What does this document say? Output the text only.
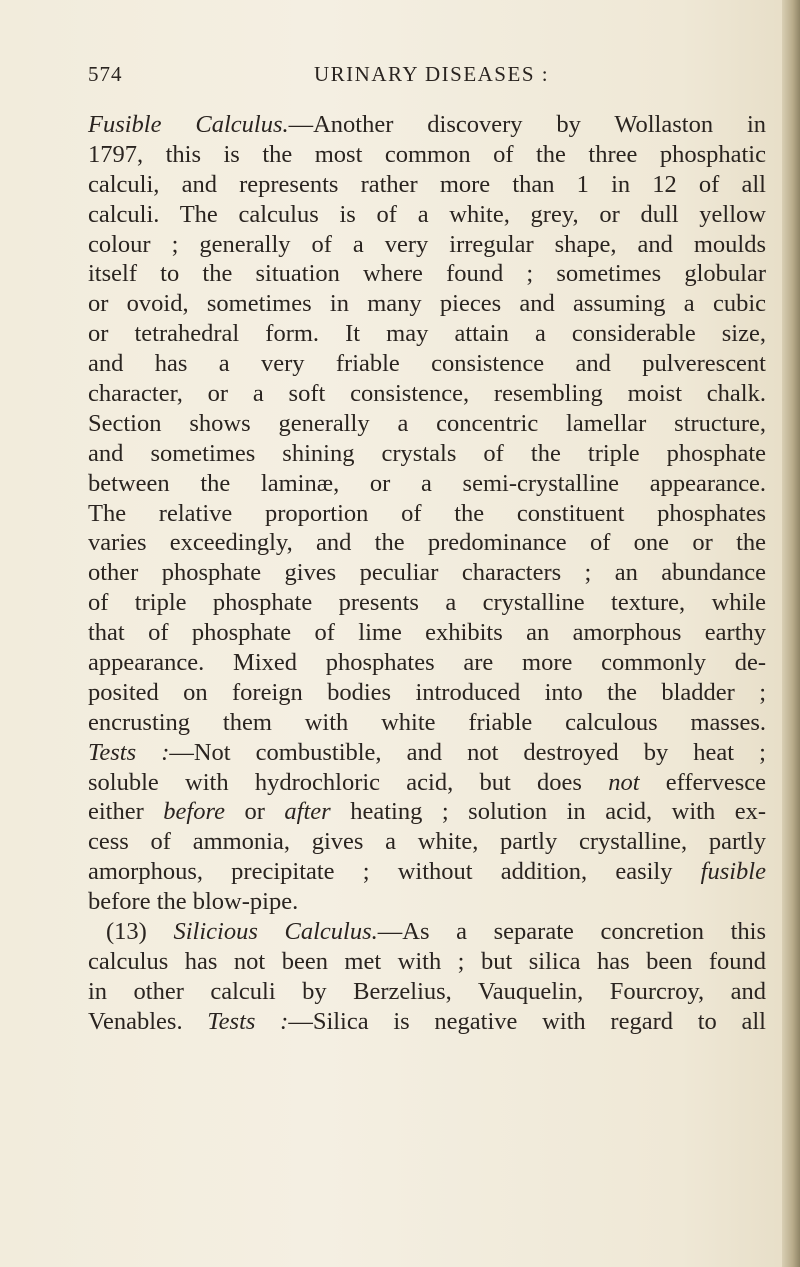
574	URINARY DISEASES :
Fusible Calculus.—Another discovery by Wollaston in
1797, this is the most common of the three phosphatic
calculi, and represents rather more than 1 in 12 of all
calculi. The calculus is of a white, grey, or dull yellow
colour ; generally of a very irregular shape, and moulds
itself to the situation where found ; sometimes globular
or ovoid, sometimes in many pieces and assuming a cubic
or tetrahedral form. It may attain a considerable size,
and has a very friable consistence and pulverescent
character, or a soft consistence, resembling moist chalk.
Section shows generally a concentric lamellar structure,
and sometimes shining crystals of the triple phosphate
between the laminæ, or a semi-crystalline appearance.
The relative proportion of the constituent phosphates
varies exceedingly, and the predominance of one or the
other phosphate gives peculiar characters ; an abundance
of triple phosphate presents a crystalline texture, while
that of phosphate of lime exhibits an amorphous earthy
appearance. Mixed phosphates are more commonly de-
posited on foreign bodies introduced into the bladder ;
encrusting them with white friable calculous masses.
Tests :—Not combustible, and not destroyed by heat ;
soluble with hydrochloric acid, but does not effervesce
either before or after heating ; solution in acid, with ex-
cess of ammonia, gives a white, partly crystalline, partly
amorphous, precipitate ; without addition, easily fusible
before the blow-pipe.
(13) Silicious Calculus.—As a separate concretion this
calculus has not been met with ; but silica has been found
in other calculi by Berzelius, Vauquelin, Fourcroy, and
Venables. Tests :—Silica is negative with regard to all
